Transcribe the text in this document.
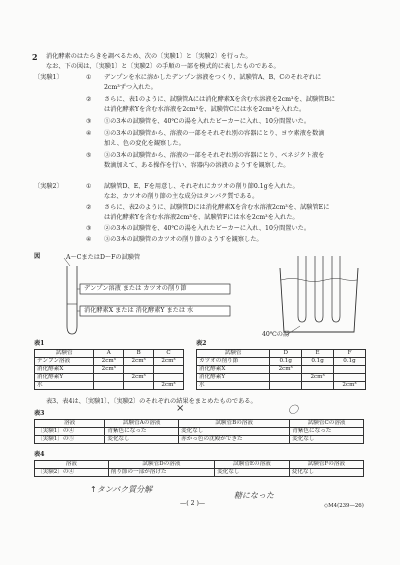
2 消化酵素のはたらきを調べるため、次の〔実験1〕と〔実験2〕を行った。
なお、下の図は、〔実験1〕と〔実験2〕の手順の一部を模式的に表したものである。
〔実験1〕	① デンプンを水に溶かしたデンプン溶液をつくり、試験管A、B、Cのそれぞれに
2cm³ずつ入れた。
② さらに、表1のように、試験管Aには消化酵素Xを含む水溶液を2cm³を、試験管Bに
は消化酵素Yを含む水溶液を2cm³を、試験管Cには水を2cm³を入れた。
③ ①の3本の試験管を、40℃の湯を入れたビーカーに入れ、10分間置いた。
④ ③の3本の試験管から、溶液の一部をそれぞれ別の容器にとり、ヨウ素液を数滴
加え、色の変化を観察した。
⑤ ③の3本の試験管から、溶液の一部をそれぞれ別の容器にとり、ベネジクト液を
数滴加えて、ある操作を行い、容器内の溶液のようすを観察した。
〔実験2〕	① 試験管D、E、Fを用意し、それぞれにカツオの削り節0.1gを入れた。
なお、カツオの削り節の主な成分はタンパク質である。
② さらに、表2のように、試験管Dには消化酵素Xを含む水溶液2cm³を、試験管Eに
は消化酵素Yを含む水溶液2cm³を、試験管Fには水を2cm³を入れた。
③ ②の3本の試験管を、40℃の湯を入れたビーカーに入れ、10分間置いた。
④ ③の3本の試験管のカツオの削り節のようすを観察した。
図	A～CまたはD～Fの試験管
デンプン溶液 または カツオの削り節
消化酵素X または 消化酵素Y または 水
40℃の湯
表1
試験管	A	B	C
デンプン溶液	2cm³	2cm³	2cm³
消化酵素X	2cm³		
消化酵素Y		2cm³	
水			2cm³
表2
試験管	D	E	F
カツオの削り節	0.1g	0.1g	0.1g
消化酵素X	2cm³		
消化酵素Y		2cm³	
水			2cm³
表3、表4は、〔実験1〕、〔実験2〕のそれぞれの結果をまとめたものである。
×	〇
表3
溶液	試験管Aの溶液	試験管Bの溶液	試験管Cの溶液
〔実験1〕の④	青紫色になった	変化なし	青紫色になった
〔実験1〕の⑤	変化なし	赤かっ色の沈殿ができた	変化なし
表4
溶液	試験管Dの溶液	試験管Eの溶液	試験管Fの溶液
〔実験2〕の④	削り節の一部が溶けた	変化なし	変化なし
↑タンパク質分解
糖になった
—( 2 )—	◇M4(239—26)
